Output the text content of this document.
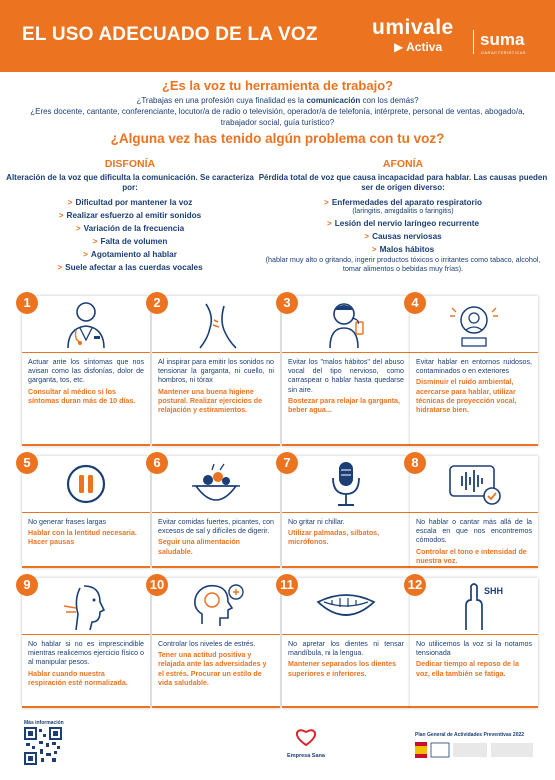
EL USO ADECUADO DE LA VOZ	umivale
▶ Activa suma
CARACTERISTICAS
¿Es la voz tu herramienta de trabajo?
¿Trabajas en una profesión cuya finalidad es la comunicación con los demás?
¿Eres docente, cantante, conferenciante, locutor/a de radio o televisión, operador/a de telefonía, intérprete, personal de ventas, abogado/a, trabajador social, guía turístico?
¿Alguna vez has tenido algún problema con tu voz?
DISFONÍA
Alteración de la voz que dificulta la comunicación. Se caracteriza por:
> Dificultad por mantener la voz
> Realizar esfuerzo al emitir sonidos
> Variación de la frecuencia
> Falta de volumen
> Agotamiento al hablar
> Suele afectar a las cuerdas vocales
AFONÍA
Pérdida total de voz que causa incapacidad para hablar. Las causas pueden ser de origen diverso:
> Enfermedades del aparato respiratorio
(laringitis, amigdalitis o faringitis)
> Lesión del nervio laríngeo recurrente
> Causas nerviosas
> Malos hábitos
(hablar muy alto o gritando, ingerir productos tóxicos o irritantes como tabaco, alcohol, tomar alimentos o bebidas muy frías).
1
Actuar ante los síntomas que nos avisan como las disfonías, dolor de garganta, tos, etc.
Consultar al médico si los síntomas duran más de 10 días.
2
Al inspirar para emitir los sonidos no tensionar la garganta, ni cuello, ni hombros, ni tórax
Mantener una buena higiene postural. Realizar ejercicios de relajación y estiramientos.
3
Evitar los "malos hábitos" del abuso vocal del tipo nervioso, como carraspear o hablar hasta quedarse sin aire.
Bostezar para relajar la garganta, beber agua...
4
Evitar hablar en entornos ruidosos, contaminados o en exteriores
Disminuir el ruido ambiental, acercarse para hablar, utilizar técnicas de proyección vocal, hidratarse bien.
5
No generar frases largas
Hablar con la lentitud necesaria. Hacer pausas
6
Evitar comidas fuertes, picantes, con excesos de sal y difíciles de digerir.
Seguir una alimentación saludable.
7
No gritar ni chillar.
Utilizar palmadas, silbatos, micrófonos.
8
No hablar o cantar más allá de la escala en que nos encontremos cómodos.
Controlar el tono e intensidad de nuestra voz.
9
No hablar si no es imprescindible mientras realicemos ejercicio físico o al manipular pesos.
Hablar cuando nuestra respiración esté normalizada.
10
Controlar los niveles de estrés.
Tener una actitud positiva y relajada ante las adversidades y el estrés. Procurar un estilo de vida saludable.
11
No apretar los dientes ni tensar mandíbula, ni la lengua.
Mantener separados los dientes superiores e inferiores.
12	SHH
No utilicemos la voz si la notamos tensionada
Dedicar tiempo al reposo de la voz, ella también se fatiga.
Más información
Empresa Sana
Plan General de Actividades Preventivas 2022
